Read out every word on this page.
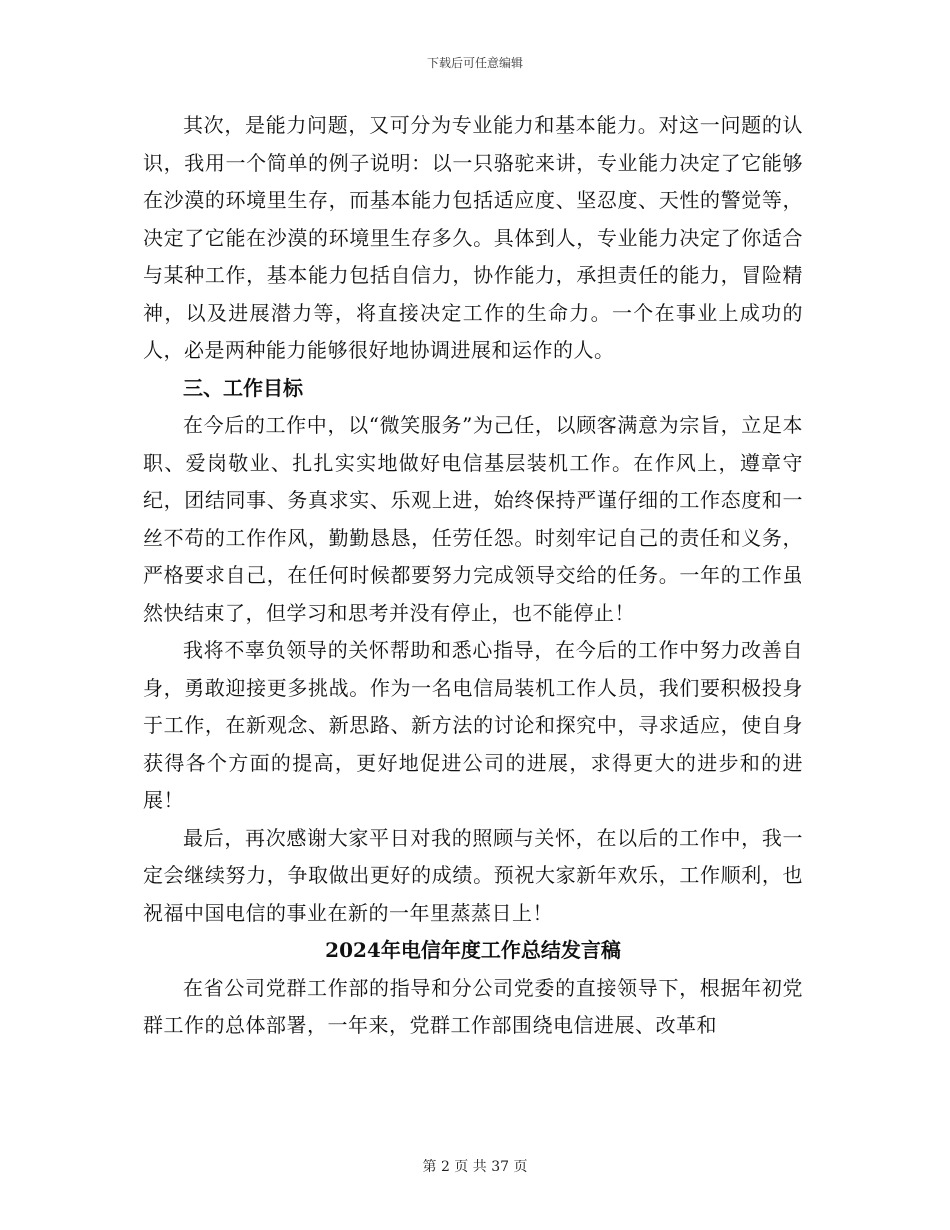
下载后可任意编辑

其次，是能力问题，又可分为专业能力和基本能力。对这一问题的认识，我用一个简单的例子说明：以一只骆驼来讲，专业能力决定了它能够在沙漠的环境里生存，而基本能力包括适应度、坚忍度、天性的警觉等，决定了它能在沙漠的环境里生存多久。具体到人，专业能力决定了你适合与某种工作，基本能力包括自信力，协作能力，承担责任的能力，冒险精神，以及进展潜力等，将直接决定工作的生命力。一个在事业上成功的人，必是两种能力能够很好地协调进展和运作的人。

三、工作目标

在今后的工作中，以“微笑服务”为己任，以顾客满意为宗旨，立足本职、爱岗敬业、扎扎实实地做好电信基层装机工作。在作风上，遵章守纪，团结同事、务真求实、乐观上进，始终保持严谨仔细的工作态度和一丝不苟的工作作风，勤勤恳恳，任劳任怨。时刻牢记自己的责任和义务，严格要求自己，在任何时候都要努力完成领导交给的任务。一年的工作虽然快结束了，但学习和思考并没有停止，也不能停止！

我将不辜负领导的关怀帮助和悉心指导，在今后的工作中努力改善自身，勇敢迎接更多挑战。作为一名电信局装机工作人员，我们要积极投身于工作，在新观念、新思路、新方法的讨论和探究中，寻求适应，使自身获得各个方面的提高，更好地促进公司的进展，求得更大的进步和的进展！

最后，再次感谢大家平日对我的照顾与关怀，在以后的工作中，我一定会继续努力，争取做出更好的成绩。预祝大家新年欢乐，工作顺利，也祝福中国电信的事业在新的一年里蒸蒸日上！

2024年电信年度工作总结发言稿

在省公司党群工作部的指导和分公司党委的直接领导下，根据年初党群工作的总体部署，一年来，党群工作部围绕电信进展、改革和

第 2 页 共 37 页
